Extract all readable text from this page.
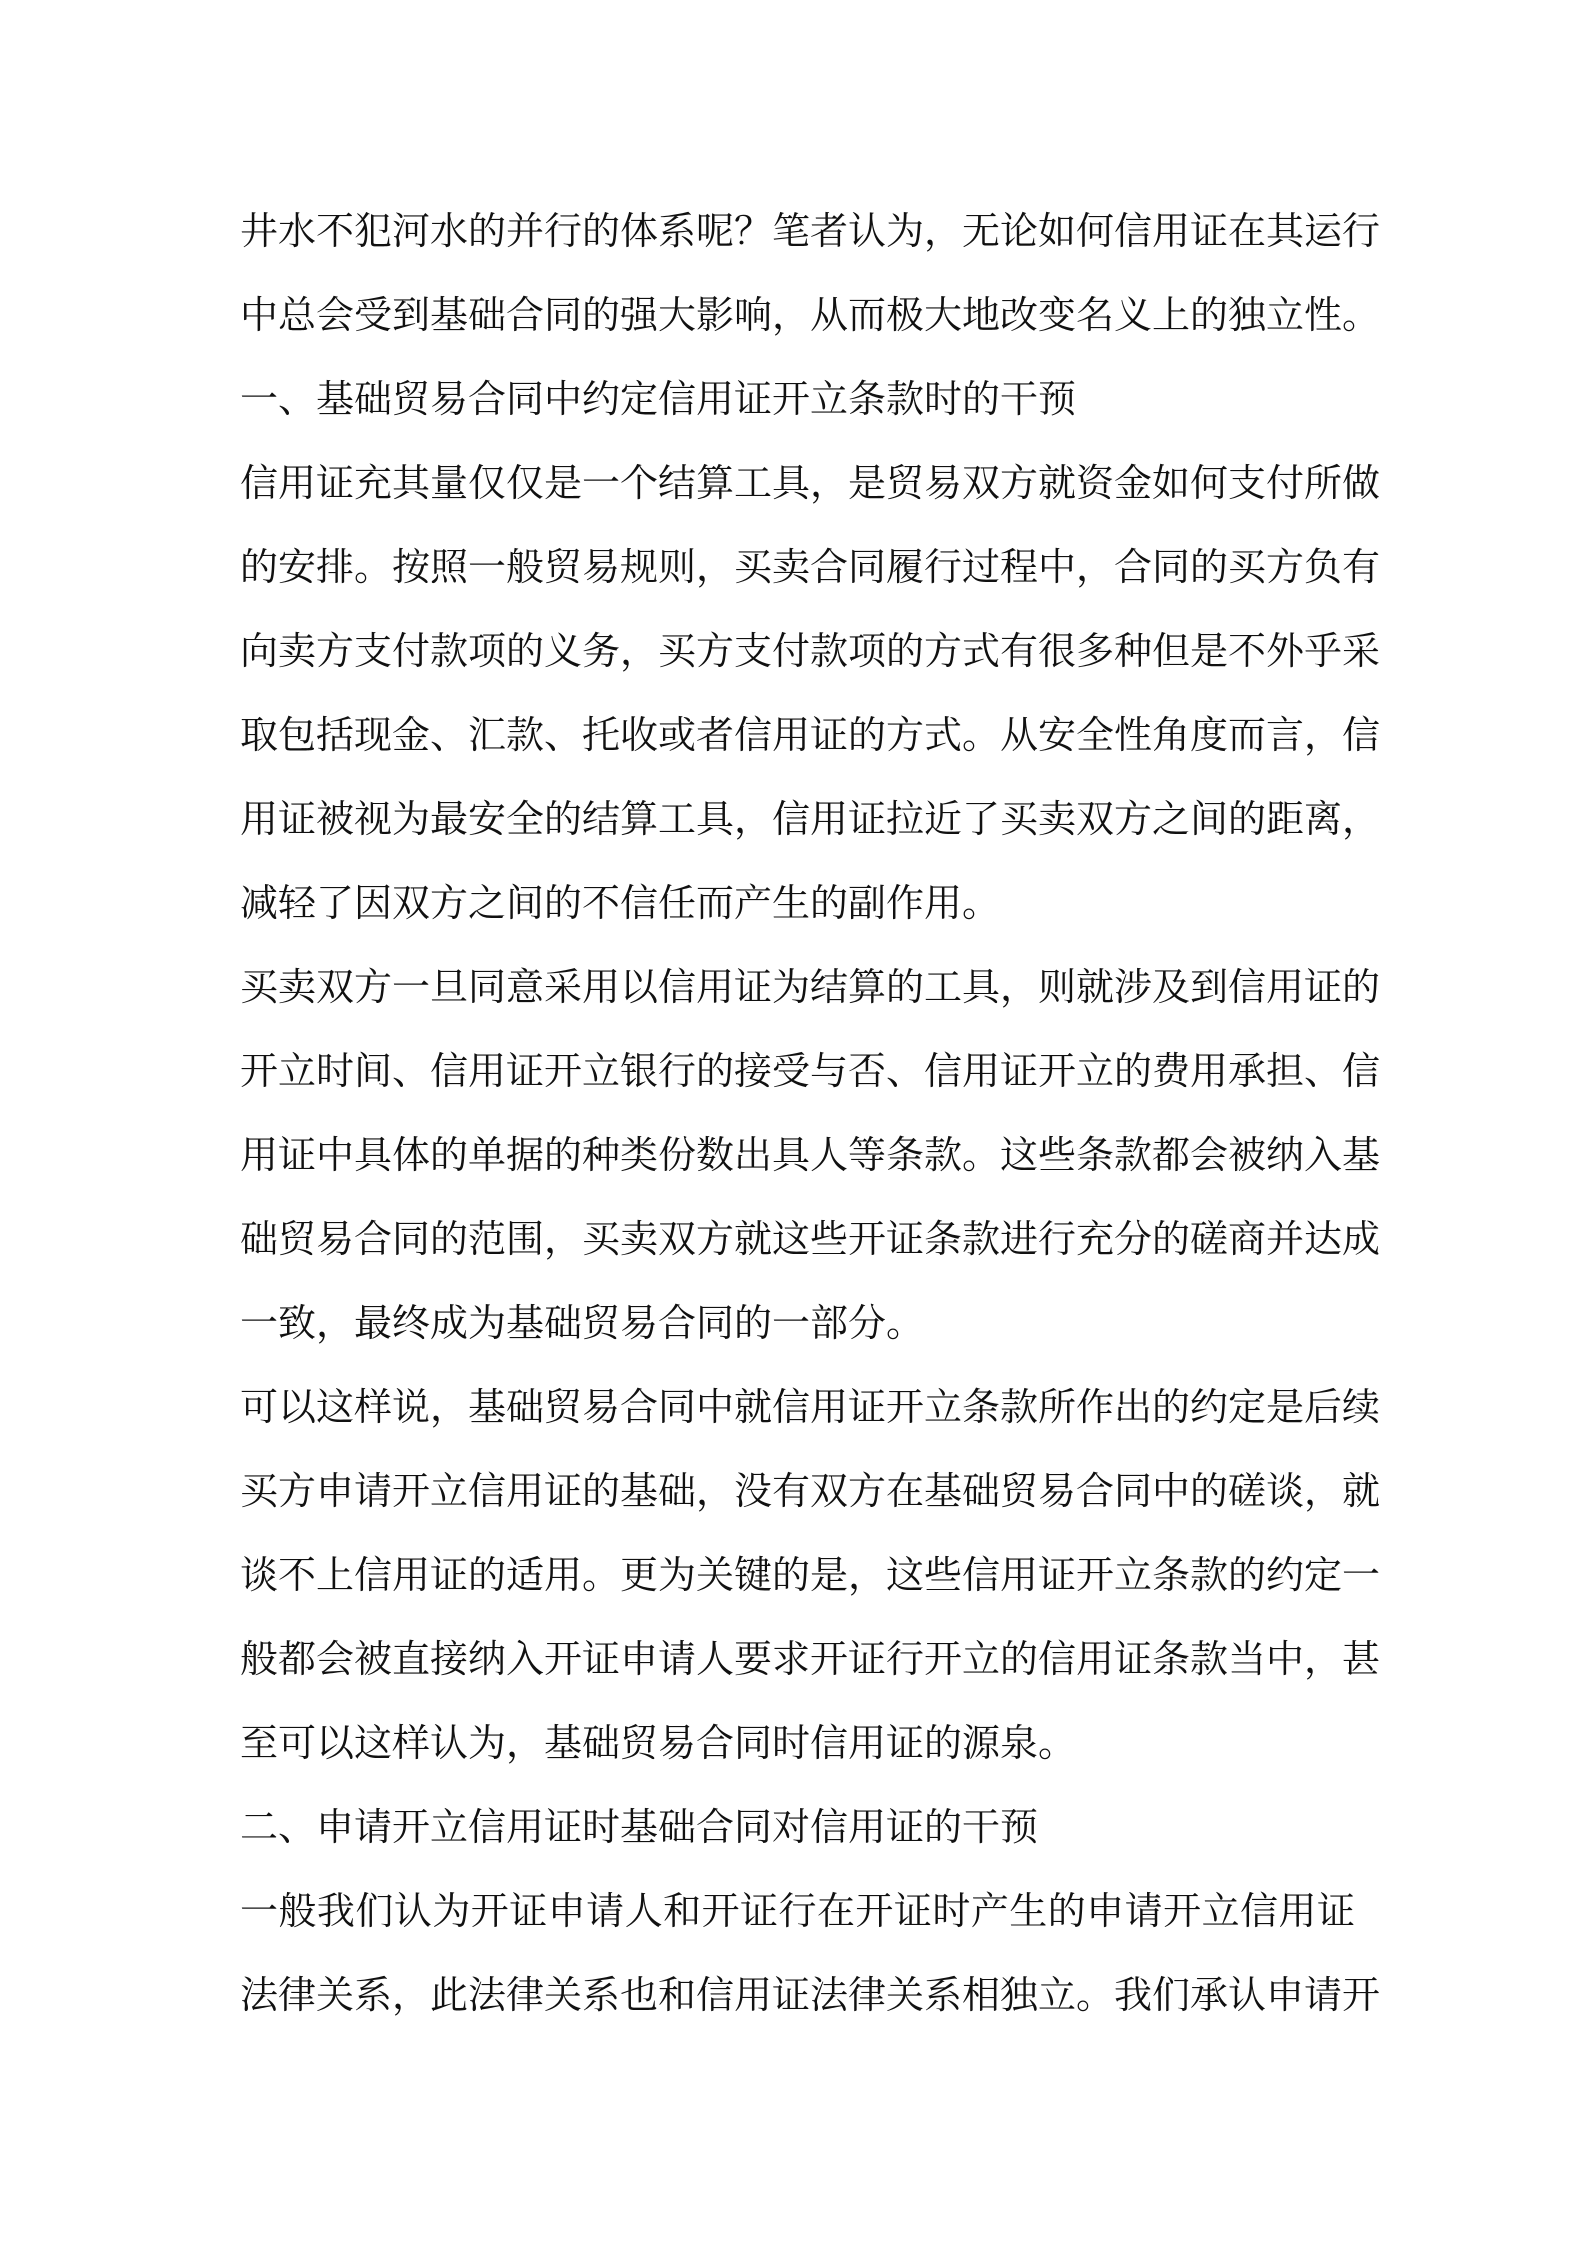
井水不犯河水的并行的体系呢？笔者认为，无论如何信用证在其运行
中总会受到基础合同的强大影响，从而极大地改变名义上的独立性。

一、基础贸易合同中约定信用证开立条款时的干预

信用证充其量仅仅是一个结算工具，是贸易双方就资金如何支付所做
的安排。按照一般贸易规则，买卖合同履行过程中，合同的买方负有
向卖方支付款项的义务，买方支付款项的方式有很多种但是不外乎采
取包括现金、汇款、托收或者信用证的方式。从安全性角度而言，信
用证被视为最安全的结算工具，信用证拉近了买卖双方之间的距离，
减轻了因双方之间的不信任而产生的副作用。

买卖双方一旦同意采用以信用证为结算的工具，则就涉及到信用证的
开立时间、信用证开立银行的接受与否、信用证开立的费用承担、信
用证中具体的单据的种类份数出具人等条款。这些条款都会被纳入基
础贸易合同的范围，买卖双方就这些开证条款进行充分的磋商并达成
一致，最终成为基础贸易合同的一部分。

可以这样说，基础贸易合同中就信用证开立条款所作出的约定是后续
买方申请开立信用证的基础，没有双方在基础贸易合同中的磋谈，就
谈不上信用证的适用。更为关键的是，这些信用证开立条款的约定一
般都会被直接纳入开证申请人要求开证行开立的信用证条款当中，甚
至可以这样认为，基础贸易合同时信用证的源泉。

二、申请开立信用证时基础合同对信用证的干预

一般我们认为开证申请人和开证行在开证时产生的申请开立信用证
法律关系，此法律关系也和信用证法律关系相独立。我们承认申请开
